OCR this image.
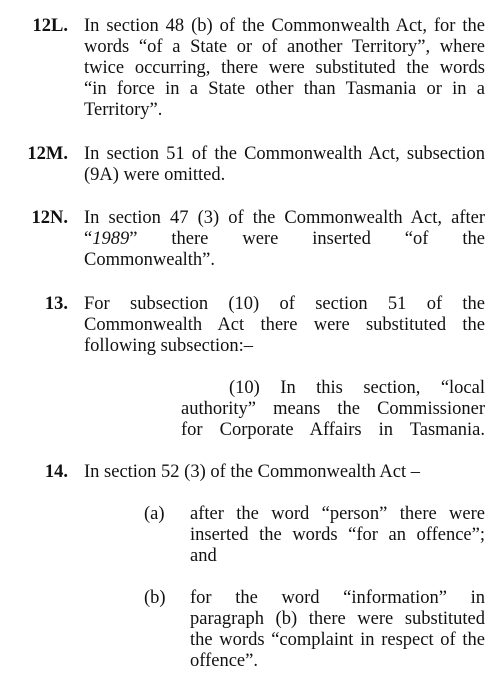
12L. In section 48 (b) of the Commonwealth Act, for the
words “of a State or of another Territory”, where
twice occurring, there were substituted the words
“in force in a State other than Tasmania or in a
Territory”.
12M. In section 51 of the Commonwealth Act, subsection
(9A) were omitted.
12N. In section 47 (3) of the Commonwealth Act, after
“1989” there were inserted “of the
Commonwealth”.
13. For subsection (10) of section 51 of the
Commonwealth Act there were substituted the
following subsection:–
(10) In this section, “local
authority” means the Commissioner
for Corporate Affairs in Tasmania.
14. In section 52 (3) of the Commonwealth Act –
(a)	after the word “person” there were
inserted the words “for an offence”;
and
(b)	for the word “information” in
paragraph (b) there were substituted
the words “complaint in respect of the
offence”.
